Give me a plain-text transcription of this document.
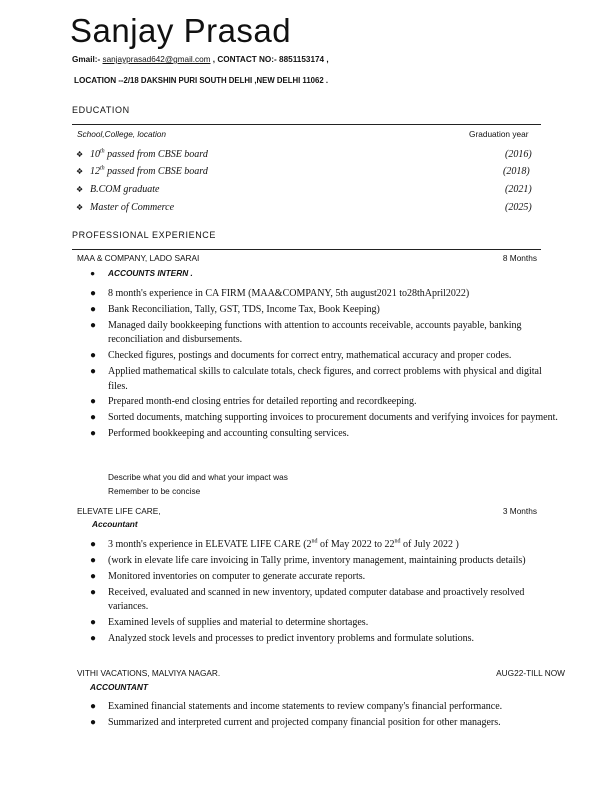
Sanjay Prasad
Gmail:- sanjayprasad642@gmail.com , CONTACT NO:- 8851153174 ,
LOCATION ‐-2/18 DAKSHIN PURI SOUTH DELHI ,NEW DELHI 11062 .
EDUCATION
School,College, location	Graduation year
❖ 10th passed from CBSE board	(2016)
❖ 12th passed from CBSE board	(2018)
❖ B.COM graduate	(2021)
❖ Master of Commerce	(2025)
PROFESSIONAL EXPERIENCE
MAA & COMPANY, LADO SARAI	8 Months
● ACCOUNTS INTERN .
● 8 month's experience in CA FIRM (MAA&COMPANY, 5th august2021 to28thApril2022)
● Bank Reconciliation, Tally, GST, TDS, Income Tax, Book Keeping)
● Managed daily bookkeeping functions with attention to accounts receivable, accounts payable, banking reconciliation and disbursements.
● Checked figures, postings and documents for correct entry, mathematical accuracy and proper codes.
● Applied mathematical skills to calculate totals, check figures, and correct problems with physical and digital files.
● Prepared month-end closing entries for detailed reporting and recordkeeping.
● Sorted documents, matching supporting invoices to procurement documents and verifying invoices for payment.
● Performed bookkeeping and accounting consulting services.
Describe what you did and what your impact was
Remember to be concise
ELEVATE LIFE CARE,	3 Months
Accountant
● 3 month's experience in ELEVATE LIFE CARE (2nd of May 2022 to 22nd of July 2022 )
● (work in elevate life care invoicing in Tally prime, inventory management, maintaining products details)
● Monitored inventories on computer to generate accurate reports.
● Received, evaluated and scanned in new inventory, updated computer database and proactively resolved variances.
● Examined levels of supplies and material to determine shortages.
● Analyzed stock levels and processes to predict inventory problems and formulate solutions.
VITHI VACATIONS, MALVIYA NAGAR.	AUG22-TILL NOW
ACCOUNTANT
● Examined financial statements and income statements to review company's financial performance.
● Summarized and interpreted current and projected company financial position for other managers.
